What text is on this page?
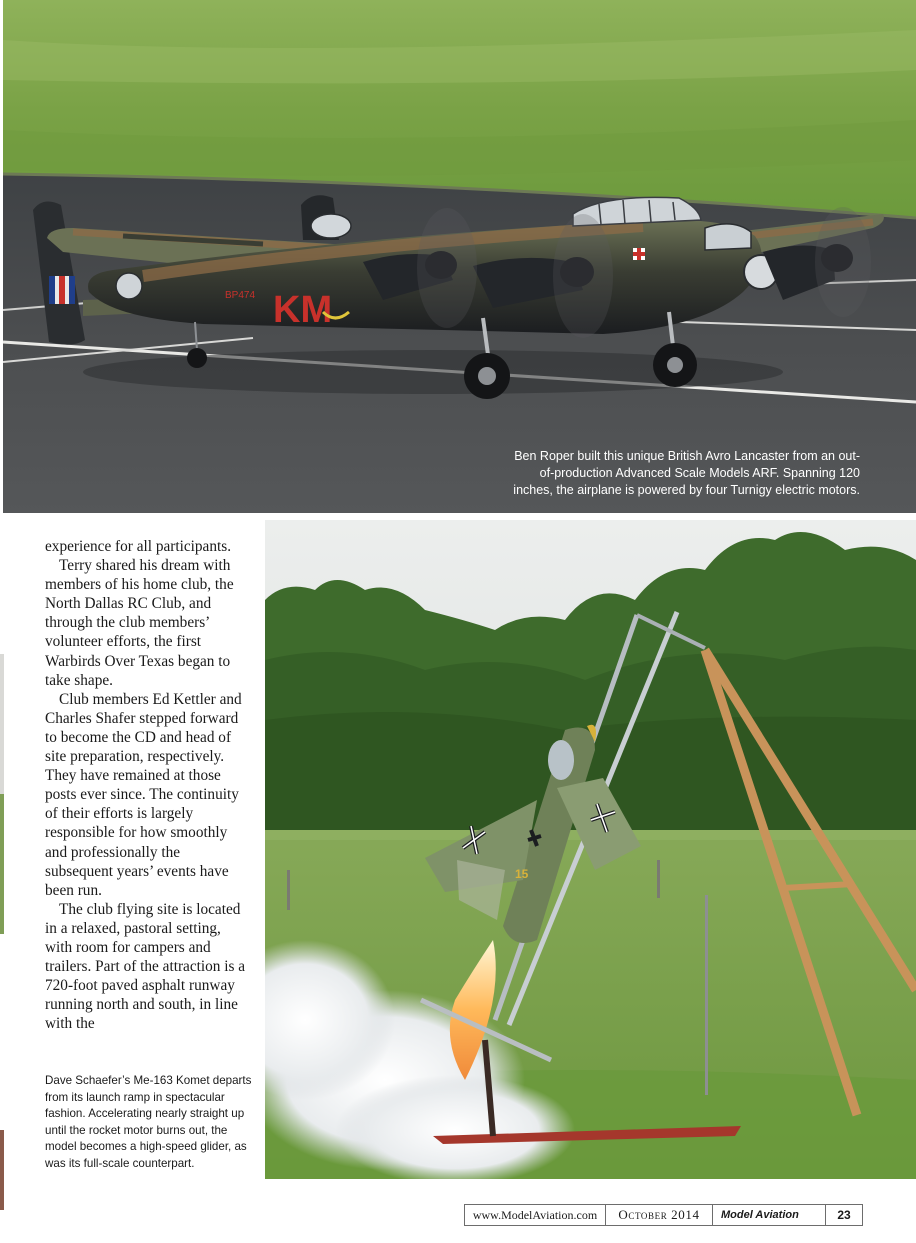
KM
BP474
Ben Roper built this unique British Avro Lancaster from an out-of-production Advanced Scale Models ARF. Spanning 120 inches, the airplane is powered by four Turnigy electric motors.

experience for all participants.

Terry shared his dream with members of his home club, the North Dallas RC Club, and through the club members’ volunteer efforts, the first Warbirds Over Texas began to take shape.

Club members Ed Kettler and Charles Shafer stepped forward to become the CD and head of site preparation, respectively. They have remained at those posts ever since. The continuity of their efforts is largely responsible for how smoothly and professionally the subsequent years’ events have been run.

The club flying site is located in a relaxed, pastoral setting, with room for campers and trailers. Part of the attraction is a 720-foot paved asphalt runway running north and south, in line with the

Dave Schaefer’s Me-163 Komet departs from its launch ramp in spectacular fashion. Accelerating nearly straight up until the rocket motor burns out, the model becomes a high-speed glider, as was its full-scale counterpart.
15
www.ModelAviation.com	October 2014	Model Aviation	23
